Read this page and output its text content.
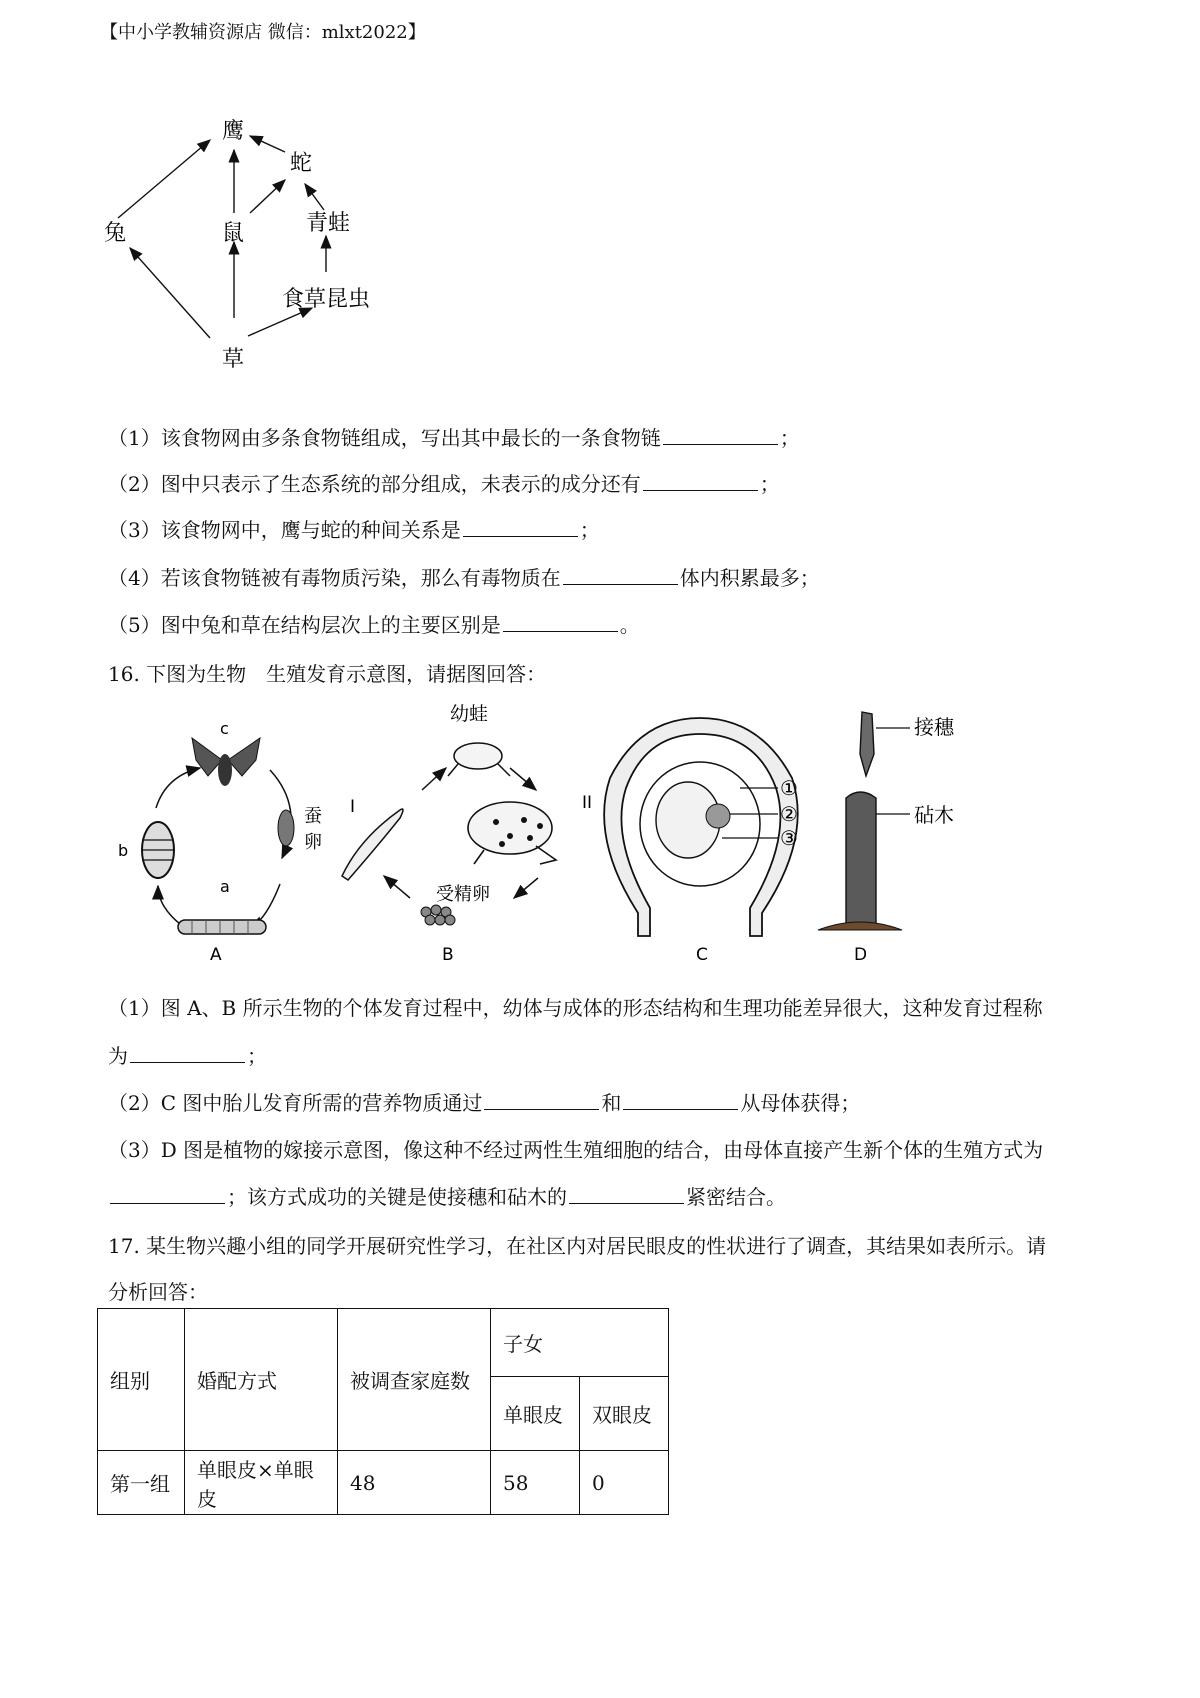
【中小学教辅资源店 微信：mlxt2022】
鹰
蛇
兔	鼠	青蛙
食草昆虫
草
（1）该食物网由多条食物链组成，写出其中最长的一条食物链	；
（2）图中只表示了生态系统的部分组成，未表示的成分还有	；
（3）该食物网中，鹰与蛇的种间关系是	；
（4）若该食物链被有毒物质污染，那么有毒物质在	体内积累最多；
（5）图中兔和草在结构层次上的主要区别是	。
16. 下图为生物　生殖发育示意图，请据图回答：
c
b
a
蚕
卵
A
幼蛙
I	II
受精卵
B
①
②
③
C
接穗
砧木
D
（1）图 A、B 所示生物的个体发育过程中，幼体与成体的形态结构和生理功能差异很大，这种发育过程称
为	；
（2）C 图中胎儿发育所需的营养物质通过	和	从母体获得；
（3）D 图是植物的嫁接示意图，像这种不经过两性生殖细胞的结合，由母体直接产生新个体的生殖方式为
；该方式成功的关键是使接穗和砧木的	紧密结合。
17. 某生物兴趣小组的同学开展研究性学习，在社区内对居民眼皮的性状进行了调查，其结果如表所示。请
分析回答：
组别	婚配方式	被调查家庭数	子女	
			单眼皮	双眼皮
第一组	单眼皮×单眼皮	48	58	0
